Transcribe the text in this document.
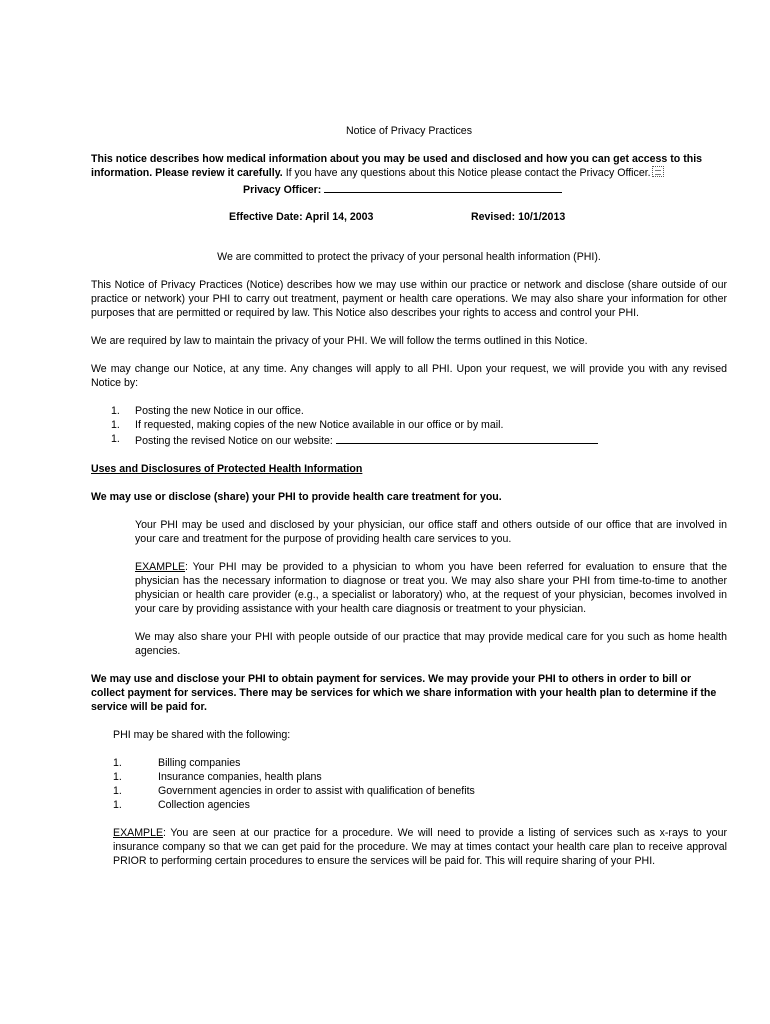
Notice of Privacy Practices

This notice describes how medical information about you may be used and disclosed and how you can get access to this information. Please review it carefully. If you have any questions about this Notice please contact the Privacy Officer.

Privacy Officer:
Effective Date: April 14, 2003	Revised: 10/1/2013
We are committed to protect the privacy of your personal health information (PHI).

This Notice of Privacy Practices (Notice) describes how we may use within our practice or network and disclose (share outside of our practice or network) your PHI to carry out treatment, payment or health care operations. We may also share your information for other purposes that are permitted or required by law. This Notice also describes your rights to access and control your PHI.

We are required by law to maintain the privacy of your PHI. We will follow the terms outlined in this Notice.

We may change our Notice, at any time. Any changes will apply to all PHI. Upon your request, we will provide you with any revised Notice by:

1. Posting the new Notice in our office.
1. If requested, making copies of the new Notice available in our office or by mail.
1. Posting the revised Notice on our website:
Uses and Disclosures of Protected Health Information
We may use or disclose (share) your PHI to provide health care treatment for you.

Your PHI may be used and disclosed by your physician, our office staff and others outside of our office that are involved in your care and treatment for the purpose of providing health care services to you.

EXAMPLE: Your PHI may be provided to a physician to whom you have been referred for evaluation to ensure that the physician has the necessary information to diagnose or treat you. We may also share your PHI from time-to-time to another physician or health care provider (e.g., a specialist or laboratory) who, at the request of your physician, becomes involved in your care by providing assistance with your health care diagnosis or treatment to your physician.

We may also share your PHI with people outside of our practice that may provide medical care for you such as home health agencies.

We may use and disclose your PHI to obtain payment for services. We may provide your PHI to others in order to bill or collect payment for services. There may be services for which we share information with your health plan to determine if the service will be paid for.

PHI may be shared with the following:

1.	Billing companies
1.	Insurance companies, health plans
1.	Government agencies in order to assist with qualification of benefits
1.	Collection agencies

EXAMPLE: You are seen at our practice for a procedure. We will need to provide a listing of services such as x-rays to your insurance company so that we can get paid for the procedure. We may at times contact your health care plan to receive approval PRIOR to performing certain procedures to ensure the services will be paid for. This will require sharing of your PHI.
